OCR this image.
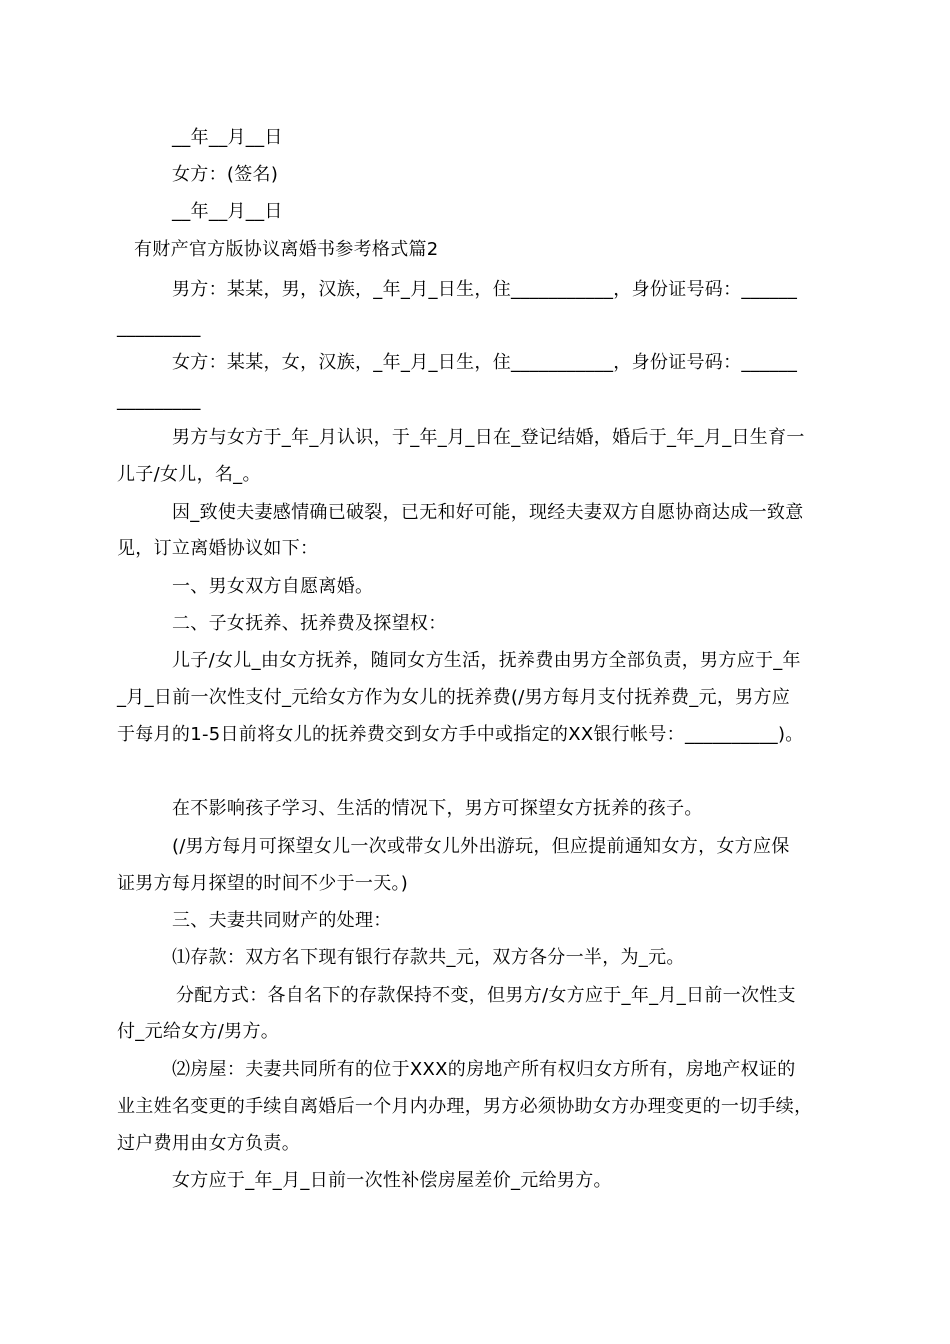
__年__月__日
女方：(签名)
__年__月__日
有财产官方版协议离婚书参考格式篇2
男方：某某，男，汉族，_年_月_日生，住___________，身份证号码：______
_________
女方：某某，女，汉族，_年_月_日生，住___________，身份证号码：______
_________
男方与女方于_年_月认识，于_年_月_日在_登记结婚，婚后于_年_月_日生育一
儿子/女儿，名_。
因_致使夫妻感情确已破裂，已无和好可能，现经夫妻双方自愿协商达成一致意
见，订立离婚协议如下：
一、男女双方自愿离婚。
二、子女抚养、抚养费及探望权：
儿子/女儿_由女方抚养，随同女方生活，抚养费由男方全部负责，男方应于_年
_月_日前一次性支付_元给女方作为女儿的抚养费(/男方每月支付抚养费_元，男方应
于每月的1-5日前将女儿的抚养费交到女方手中或指定的XX银行帐号：__________)。
在不影响孩子学习、生活的情况下，男方可探望女方抚养的孩子。
(/男方每月可探望女儿一次或带女儿外出游玩，但应提前通知女方，女方应保
证男方每月探望的时间不少于一天。)
三、夫妻共同财产的处理：
⑴存款：双方名下现有银行存款共_元，双方各分一半，为_元。
分配方式：各自名下的存款保持不变，但男方/女方应于_年_月_日前一次性支
付_元给女方/男方。
⑵房屋：夫妻共同所有的位于XXX的房地产所有权归女方所有，房地产权证的
业主姓名变更的手续自离婚后一个月内办理，男方必须协助女方办理变更的一切手续，
过户费用由女方负责。
女方应于_年_月_日前一次性补偿房屋差价_元给男方。
